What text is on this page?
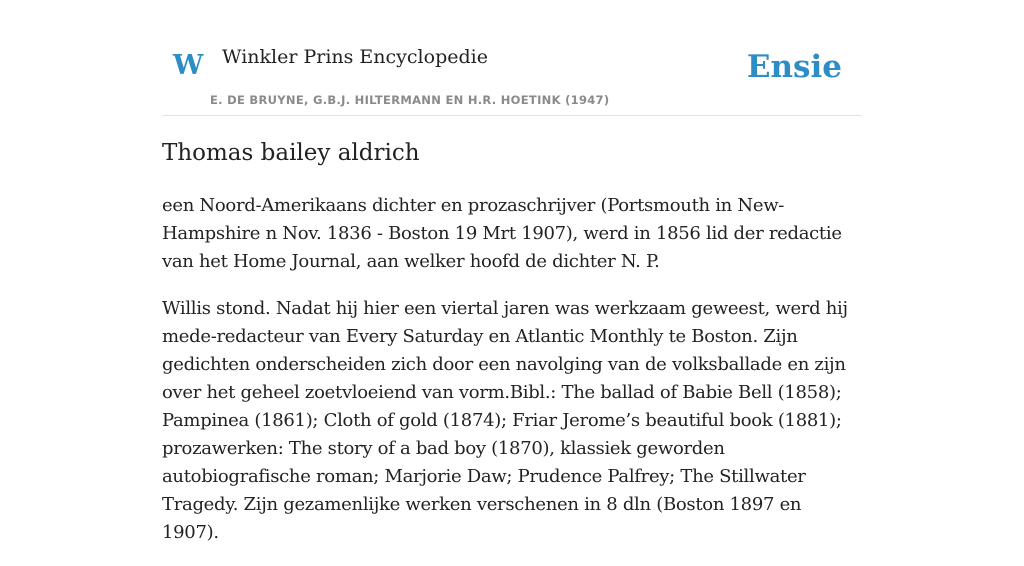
W Winkler Prins Encyclopedie
E. DE BRUYNE, G.B.J. HILTERMANN EN H.R. HOETINK (1947)
Ensie
Thomas bailey aldrich

een Noord-Amerikaans dichter en prozaschrijver (Portsmouth in New-Hampshire n Nov. 1836 - Boston 19 Mrt 1907), werd in 1856 lid der redactie van het Home Journal, aan welker hoofd de dichter N. P.

Willis stond. Nadat hij hier een viertal jaren was werkzaam geweest, werd hij mede-redacteur van Every Saturday en Atlantic Monthly te Boston. Zijn gedichten onderscheiden zich door een navolging van de volksballade en zijn over het geheel zoetvloeiend van vorm.Bibl.: The ballad of Babie Bell (1858); Pampinea (1861); Cloth of gold (1874); Friar Jerome’s beautiful book (1881); prozawerken: The story of a bad boy (1870), klassiek geworden autobiografische roman; Marjorie Daw; Prudence Palfrey; The Stillwater Tragedy. Zijn gezamenlijke werken verschenen in 8 dln (Boston 1897 en 1907).
